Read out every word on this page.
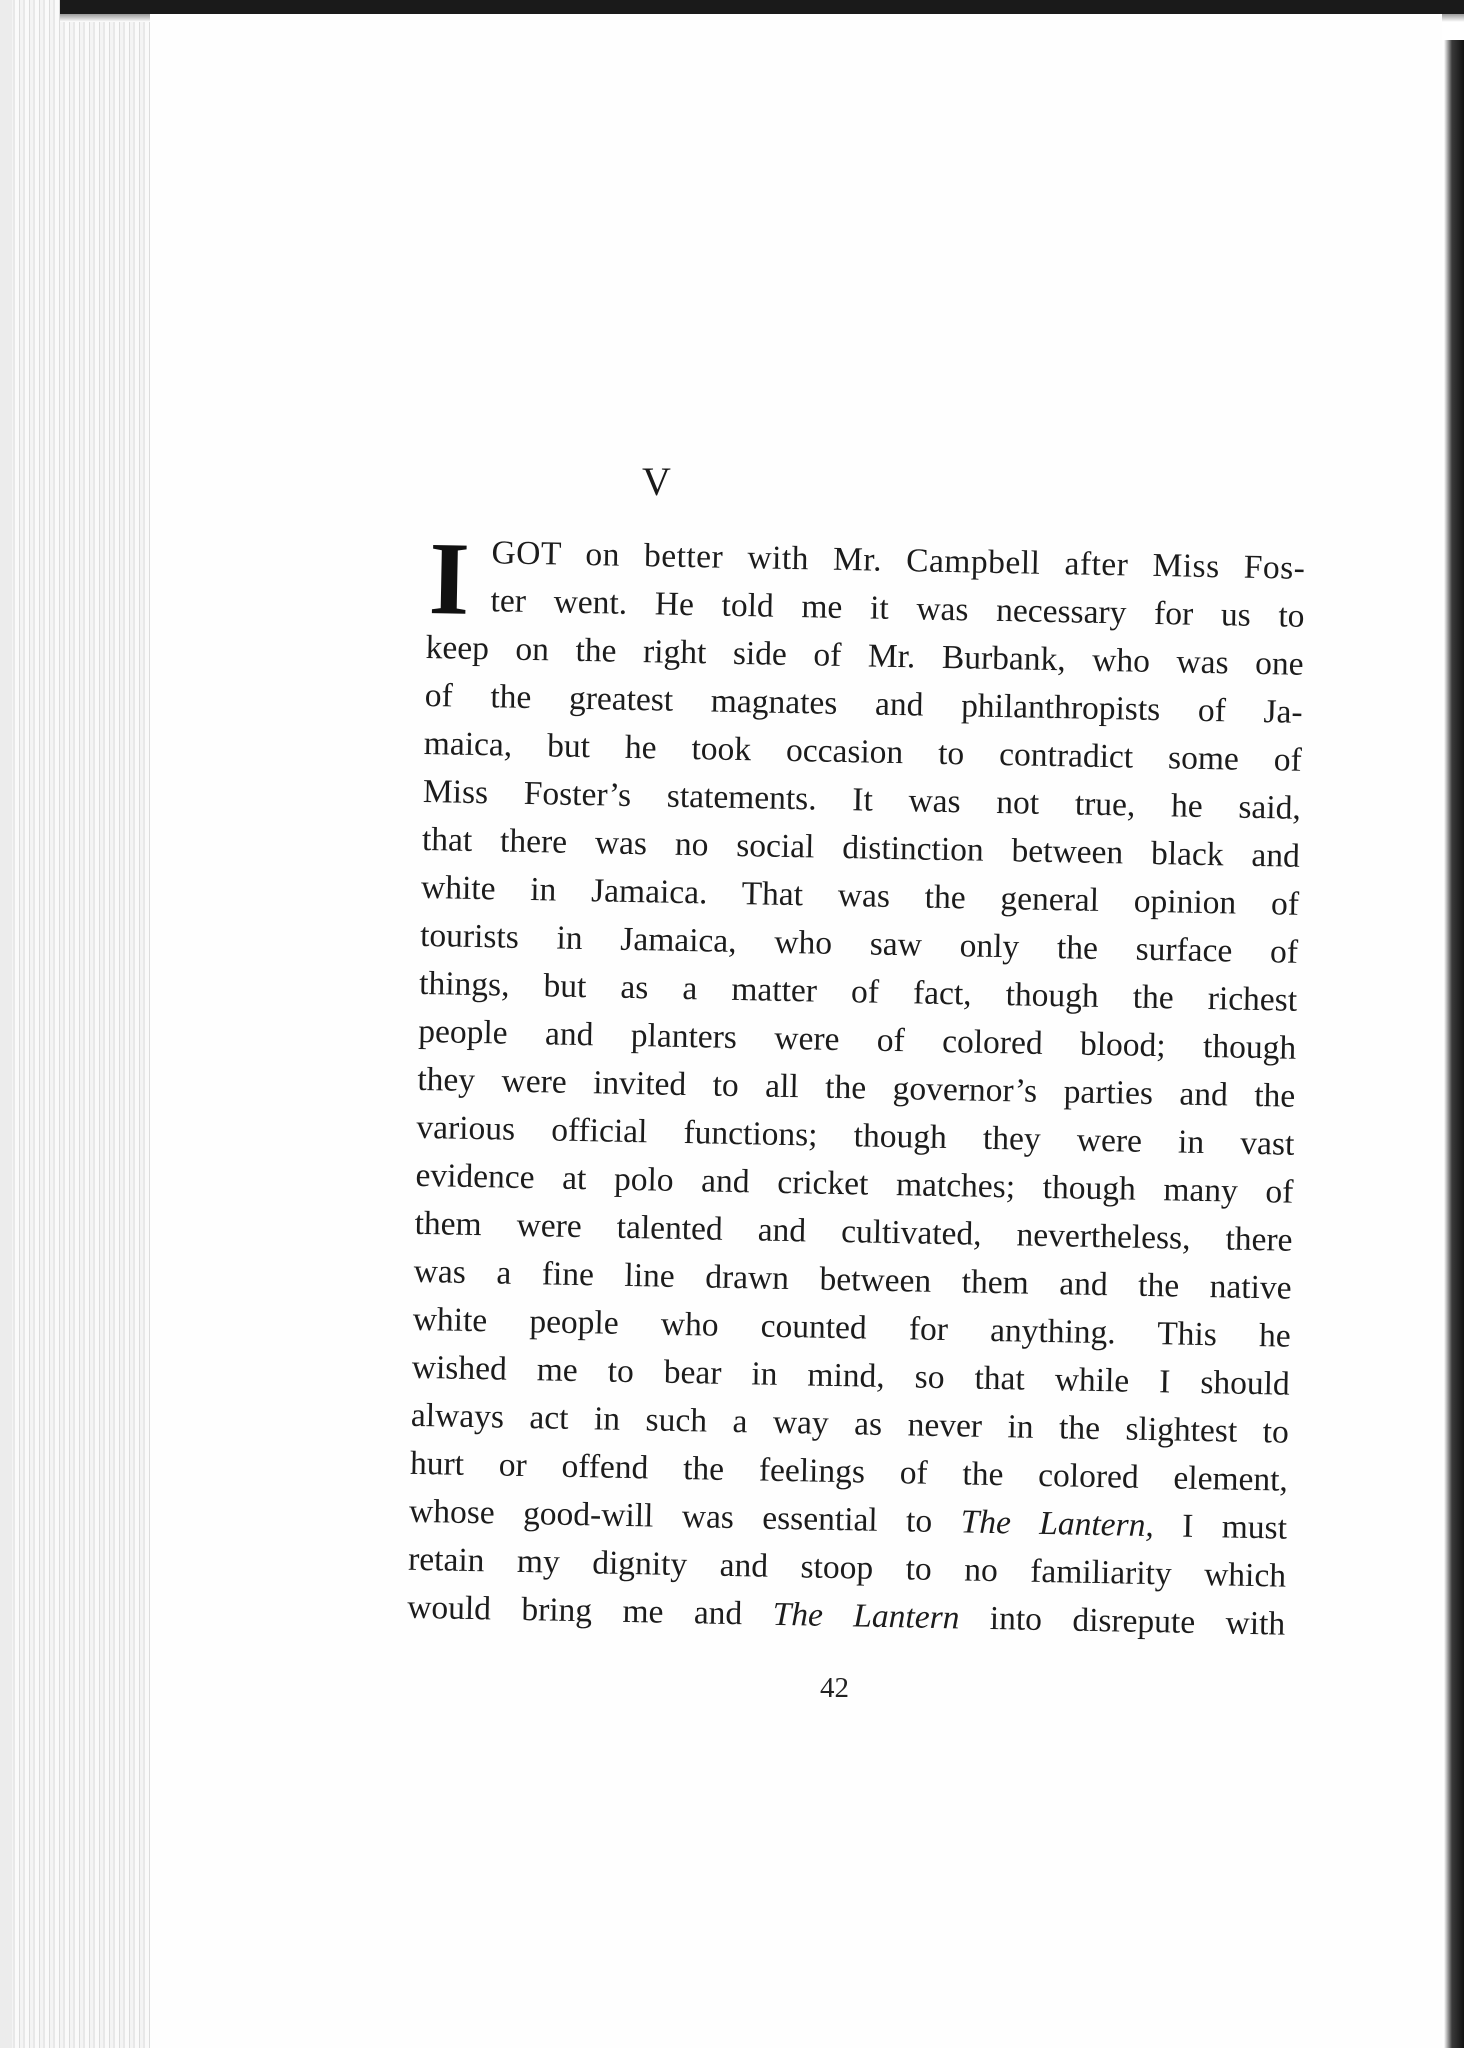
V
I GOT on better with Mr. Campbell after Miss Fos-
ter went. He told me it was necessary for us to
keep on the right side of Mr. Burbank, who was one
of the greatest magnates and philanthropists of Ja-
maica, but he took occasion to contradict some of
Miss Foster’s statements. It was not true, he said,
that there was no social distinction between black and
white in Jamaica. That was the general opinion of
tourists in Jamaica, who saw only the surface of
things, but as a matter of fact, though the richest
people and planters were of colored blood; though
they were invited to all the governor’s parties and the
various official functions; though they were in vast
evidence at polo and cricket matches; though many of
them were talented and cultivated, nevertheless, there
was a fine line drawn between them and the native
white people who counted for anything. This he
wished me to bear in mind, so that while I should
always act in such a way as never in the slightest to
hurt or offend the feelings of the colored element,
whose good-will was essential to The Lantern, I must
retain my dignity and stoop to no familiarity which
would bring me and The Lantern into disrepute with
42
